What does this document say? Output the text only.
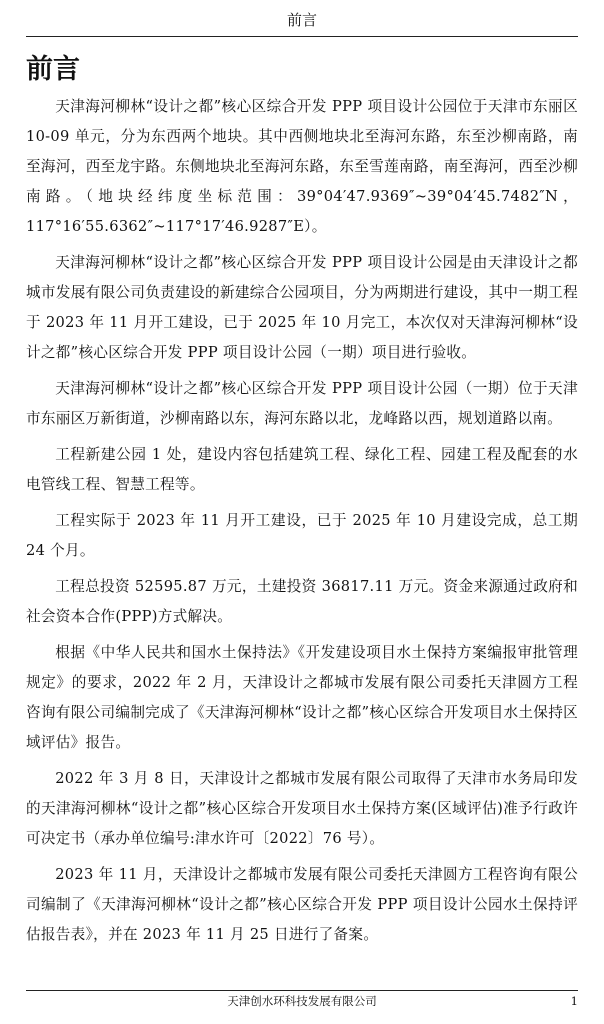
前言
前言

天津海河柳林“设计之都”核心区综合开发 PPP 项目设计公园位于天津市东丽区 10-09 单元，分为东西两个地块。其中西侧地块北至海河东路，东至沙柳南路，南至海河，西至龙宇路。东侧地块北至海河东路，东至雪莲南路，南至海河，西至沙柳南路。（地块经纬度坐标范围：39°04′47.9369″~39°04′45.7482″N，117°16′55.6362″~117°17′46.9287″E）。

天津海河柳林“设计之都”核心区综合开发 PPP 项目设计公园是由天津设计之都城市发展有限公司负责建设的新建综合公园项目，分为两期进行建设，其中一期工程于 2023 年 11 月开工建设，已于 2025 年 10 月完工，本次仅对天津海河柳林“设计之都”核心区综合开发 PPP 项目设计公园（一期）项目进行验收。

天津海河柳林“设计之都”核心区综合开发 PPP 项目设计公园（一期）位于天津市东丽区万新街道，沙柳南路以东，海河东路以北，龙峰路以西，规划道路以南。

工程新建公园 1 处，建设内容包括建筑工程、绿化工程、园建工程及配套的水电管线工程、智慧工程等。

工程实际于 2023 年 11 月开工建设，已于 2025 年 10 月建设完成，总工期 24 个月。

工程总投资 52595.87 万元，土建投资 36817.11 万元。资金来源通过政府和社会资本合作(PPP)方式解决。

根据《中华人民共和国水土保持法》《开发建设项目水土保持方案编报审批管理规定》的要求，2022 年 2 月，天津设计之都城市发展有限公司委托天津圆方工程咨询有限公司编制完成了《天津海河柳林“设计之都”核心区综合开发项目水土保持区域评估》报告。

2022 年 3 月 8 日，天津设计之都城市发展有限公司取得了天津市水务局印发的天津海河柳林“设计之都”核心区综合开发项目水土保持方案(区域评估)准予行政许可决定书（承办单位编号:津水许可〔2022〕76 号）。

2023 年 11 月，天津设计之都城市发展有限公司委托天津圆方工程咨询有限公司编制了《天津海河柳林“设计之都”核心区综合开发 PPP 项目设计公园水土保持评估报告表》，并在 2023 年 11 月 25 日进行了备案。

天津创水环科技发展有限公司	1
